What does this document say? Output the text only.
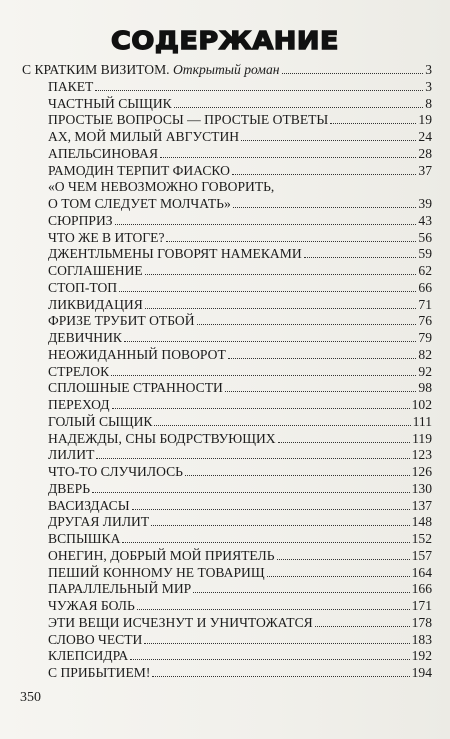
СОДЕРЖАНИЕ
С КРАТКИМ ВИЗИТОМ. Открытый роман	3
ПАКЕТ	3
ЧАСТНЫЙ СЫЩИК	8
ПРОСТЫЕ ВОПРОСЫ — ПРОСТЫЕ ОТВЕТЫ	19
АХ, МОЙ МИЛЫЙ АВГУСТИН	24
АПЕЛЬСИНОВАЯ	28
РАМОДИН ТЕРПИТ ФИАСКО	37
«О ЧЕМ НЕВОЗМОЖНО ГОВОРИТЬ,
О ТОМ СЛЕДУЕТ МОЛЧАТЬ»	39
СЮРПРИЗ	43
ЧТО ЖЕ В ИТОГЕ?	56
ДЖЕНТЛЬМЕНЫ ГОВОРЯТ НАМЕКАМИ	59
СОГЛАШЕНИЕ	62
СТОП-ТОП	66
ЛИКВИДАЦИЯ	71
ФРИЗЕ ТРУБИТ ОТБОЙ	76
ДЕВИЧНИК	79
НЕОЖИДАННЫЙ ПОВОРОТ	82
СТРЕЛОК	92
СПЛОШНЫЕ СТРАННОСТИ	98
ПЕРЕХОД	102
ГОЛЫЙ СЫЩИК	111
НАДЕЖДЫ, СНЫ БОДРСТВУЮЩИХ	119
ЛИЛИТ	123
ЧТО-ТО СЛУЧИЛОСЬ	126
ДВЕРЬ	130
ВАСИЗДАСЫ	137
ДРУГАЯ ЛИЛИТ	148
ВСПЫШКА	152
ОНЕГИН, ДОБРЫЙ МОЙ ПРИЯТЕЛЬ	157
ПЕШИЙ КОННОМУ НЕ ТОВАРИЩ	164
ПАРАЛЛЕЛЬНЫЙ МИР	166
ЧУЖАЯ БОЛЬ	171
ЭТИ ВЕЩИ ИСЧЕЗНУТ И УНИЧТОЖАТСЯ	178
СЛОВО ЧЕСТИ	183
КЛЕПСИДРА	192
С ПРИБЫТИЕМ!	194
350
